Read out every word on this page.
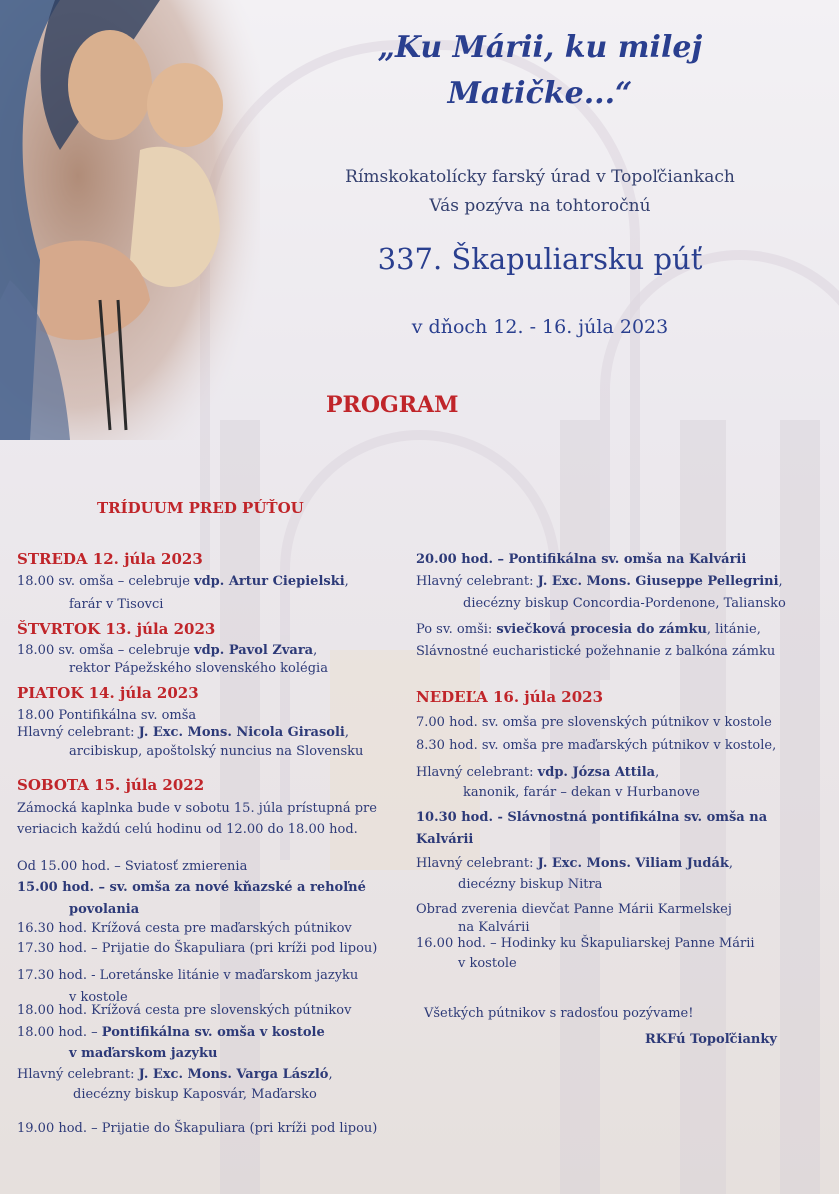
„Ku Márii, ku milej
Matičke...“
Rímskokatolícky farský úrad v Topoľčiankach
Vás pozýva na tohtoročnú
337. Škapuliarsku púť
v dňoch 12. - 16. júla 2023
PROGRAM
TRÍDUUM PRED PÚŤOU
STREDA 12. júla 2023
18.00 sv. omša – celebruje vdp. Artur Ciepielski,
farár v Tisovci
ŠTVRTOK 13. júla 2023
18.00 sv. omša – celebruje vdp. Pavol Zvara,
rektor Pápežského slovenského kolégia
PIATOK 14. júla 2023
18.00 Pontifikálna sv. omša
Hlavný celebrant: J. Exc. Mons. Nicola Girasoli,
arcibiskup, apoštolský nuncius na Slovensku
SOBOTA 15. júla 2022
Zámocká kaplnka bude v sobotu 15. júla prístupná pre
veriacich každú celú hodinu od 12.00 do 18.00 hod.
Od 15.00 hod. – Sviatosť zmierenia
15.00 hod. – sv. omša za nové kňazské a rehoľné
povolania
16.30 hod. Krížová cesta pre maďarských pútnikov
17.30 hod. – Prijatie do Škapuliara (pri kríži pod lipou)
17.30 hod. - Loretánske litánie v maďarskom jazyku
v kostole
18.00 hod. Krížová cesta pre slovenských pútnikov
18.00 hod. – Pontifikálna sv. omša v kostole
v maďarskom jazyku
Hlavný celebrant: J. Exc. Mons. Varga László,
diecézny biskup Kaposvár, Maďarsko
19.00 hod. – Prijatie do Škapuliara (pri kríži pod lipou)
20.00 hod. – Pontifikálna sv. omša na Kalvárii
Hlavný celebrant: J. Exc. Mons. Giuseppe Pellegrini,
diecézny biskup Concordia-Pordenone, Taliansko
Po sv. omši: sviečková procesia do zámku, litánie,
Slávnostné eucharistické požehnanie z balkóna zámku
NEDEĽA 16. júla 2023
7.00 hod. sv. omša pre slovenských pútnikov v kostole
8.30 hod. sv. omša pre maďarských pútnikov v kostole,
Hlavný celebrant: vdp. Józsa Attila,
kanonik, farár – dekan v Hurbanove
10.30 hod. - Slávnostná pontifikálna sv. omša na
Kalvárii
Hlavný celebrant: J. Exc. Mons. Viliam Judák,
diecézny biskup Nitra
Obrad zverenia dievčat Panne Márii Karmelskej
na Kalvárii
16.00 hod. – Hodinky ku Škapuliarskej Panne Márii
v kostole
Všetkých pútnikov s radosťou pozývame!
RKFú Topoľčianky
